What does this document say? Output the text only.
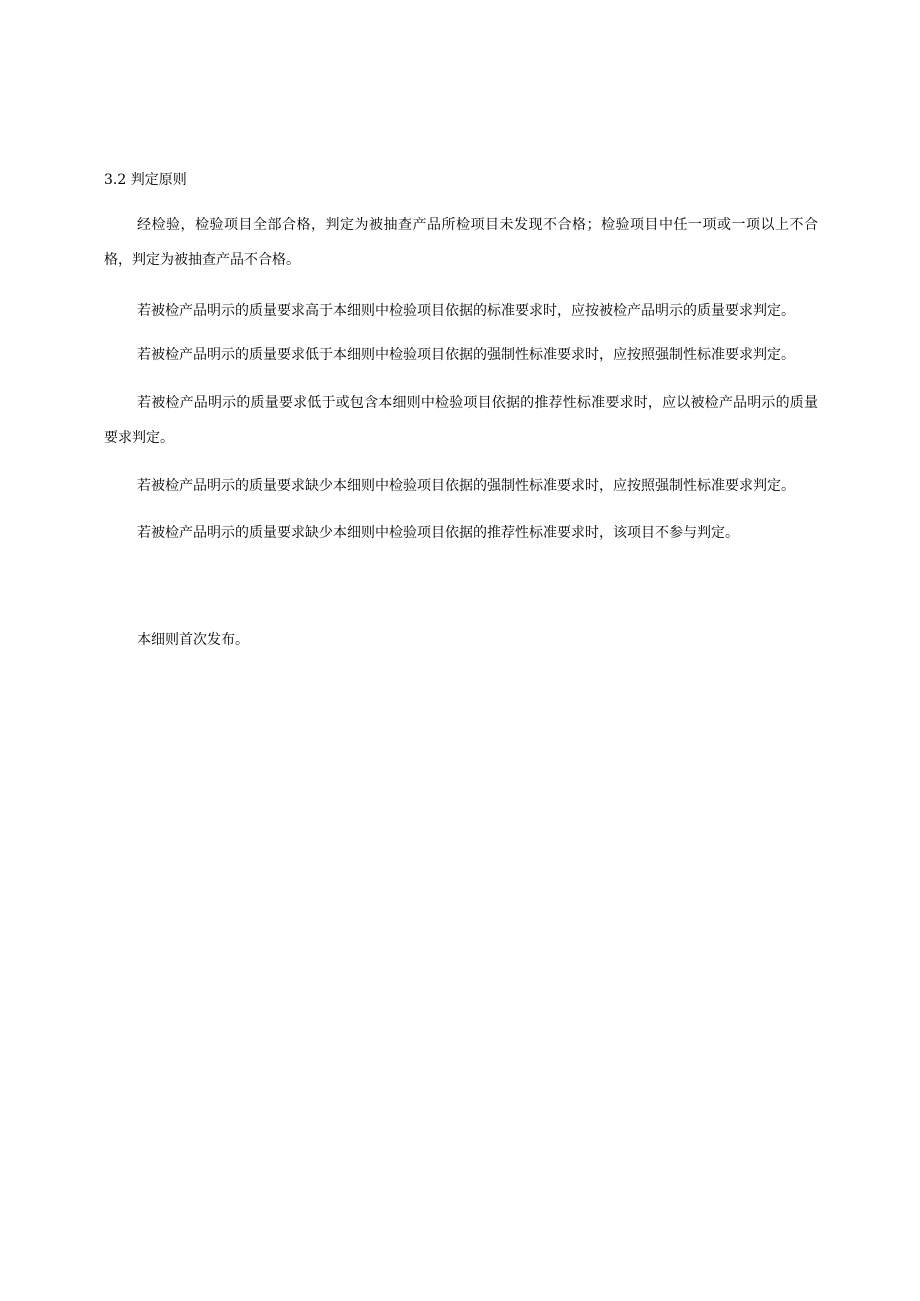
3.2 判定原则

经检验，检验项目全部合格，判定为被抽查产品所检项目未发现不合格；检验项目中任一项或一项以上不合格，判定为被抽查产品不合格。

若被检产品明示的质量要求高于本细则中检验项目依据的标准要求时，应按被检产品明示的质量要求判定。

若被检产品明示的质量要求低于本细则中检验项目依据的强制性标准要求时，应按照强制性标准要求判定。

若被检产品明示的质量要求低于或包含本细则中检验项目依据的推荐性标准要求时，应以被检产品明示的质量要求判定。

若被检产品明示的质量要求缺少本细则中检验项目依据的强制性标准要求时，应按照强制性标准要求判定。

若被检产品明示的质量要求缺少本细则中检验项目依据的推荐性标准要求时，该项目不参与判定。

本细则首次发布。
